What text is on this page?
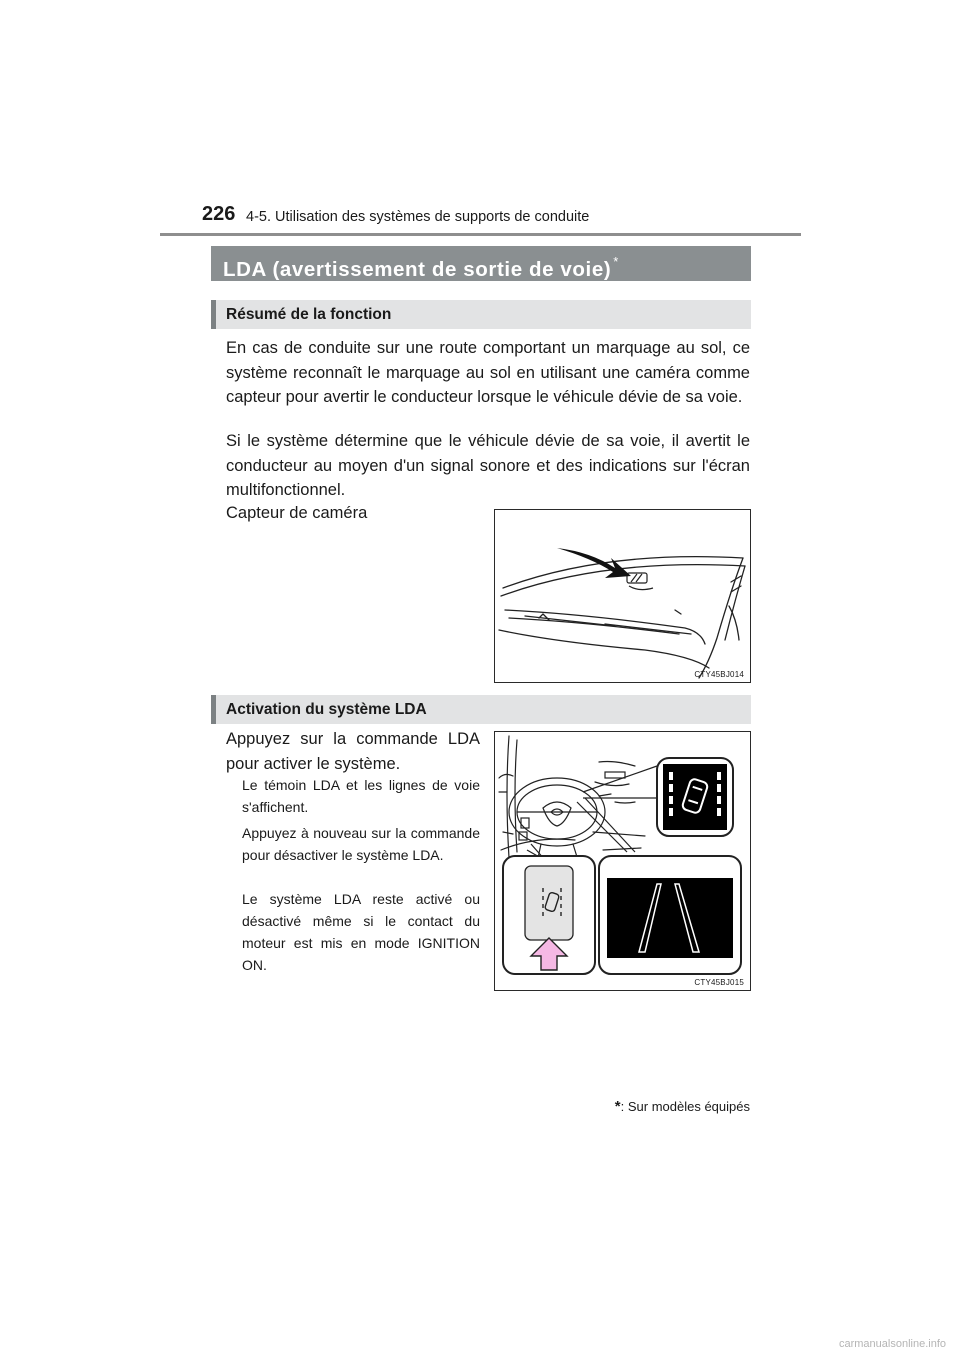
226 4-5. Utilisation des systèmes de supports de conduite
LDA (avertissement de sortie de voie) *
Résumé de la fonction
En cas de conduite sur une route comportant un marquage au sol, ce système reconnaît le marquage au sol en utilisant une caméra comme capteur pour avertir le conducteur lorsque le véhicule dévie de sa voie.
Si le système détermine que le véhicule dévie de sa voie, il avertit le conducteur au moyen d'un signal sonore et des indications sur l'écran multifonctionnel.
Capteur de caméra
CTY45BJ014
Activation du système LDA
Appuyez sur la commande LDA pour activer le système.
Le témoin LDA et les lignes de voie s'affichent.
Appuyez à nouveau sur la commande pour désactiver le système LDA.
Le système LDA reste activé ou désactivé même si le contact du moteur est mis en mode IGNITION ON.
CTY45BJ015
*: Sur modèles équipés
carmanualsonline.info
